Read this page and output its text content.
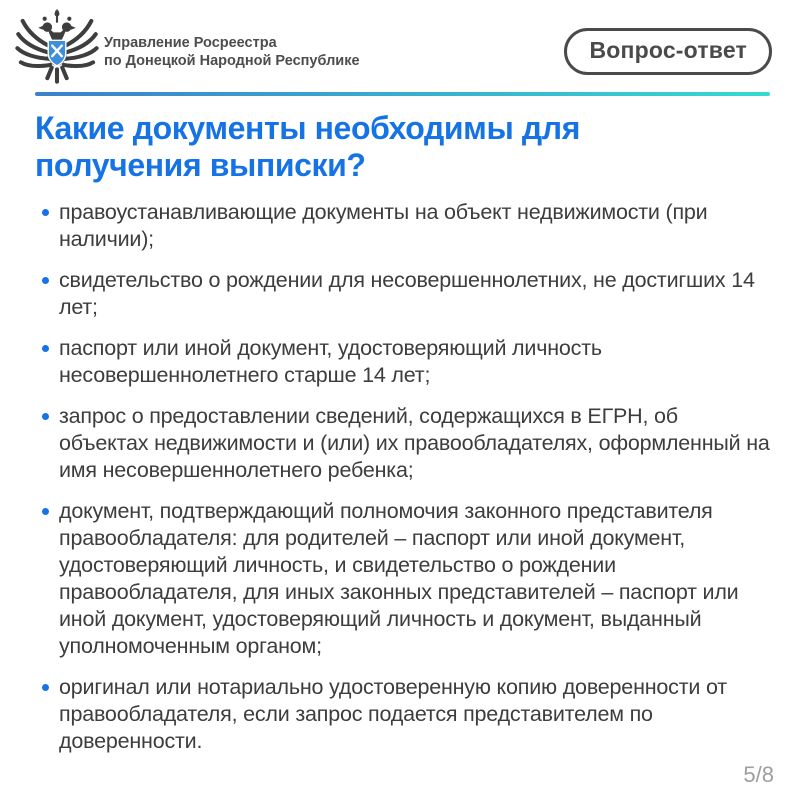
Управление Росреестра
по Донецкой Народной Республике	Вопрос-ответ
Какие документы необходимы для получения выписки?
правоустанавливающие документы на объект недвижимости (при наличии);
свидетельство о рождении для несовершеннолетних, не достигших 14 лет;
паспорт или иной документ, удостоверяющий личность несовершеннолетнего старше 14 лет;
запрос о предоставлении сведений, содержащихся в ЕГРН, об объектах недвижимости и (или) их правообладателях, оформленный на имя несовершеннолетнего ребенка;
документ, подтверждающий полномочия законного представителя правообладателя: для родителей – паспорт или иной документ, удостоверяющий личность, и свидетельство о рождении правообладателя, для иных законных представителей – паспорт или иной документ, удостоверяющий личность и документ, выданный уполномоченным органом;
оригинал или нотариально удостоверенную копию доверенности от правообладателя, если запрос подается представителем по доверенности.
5/8
